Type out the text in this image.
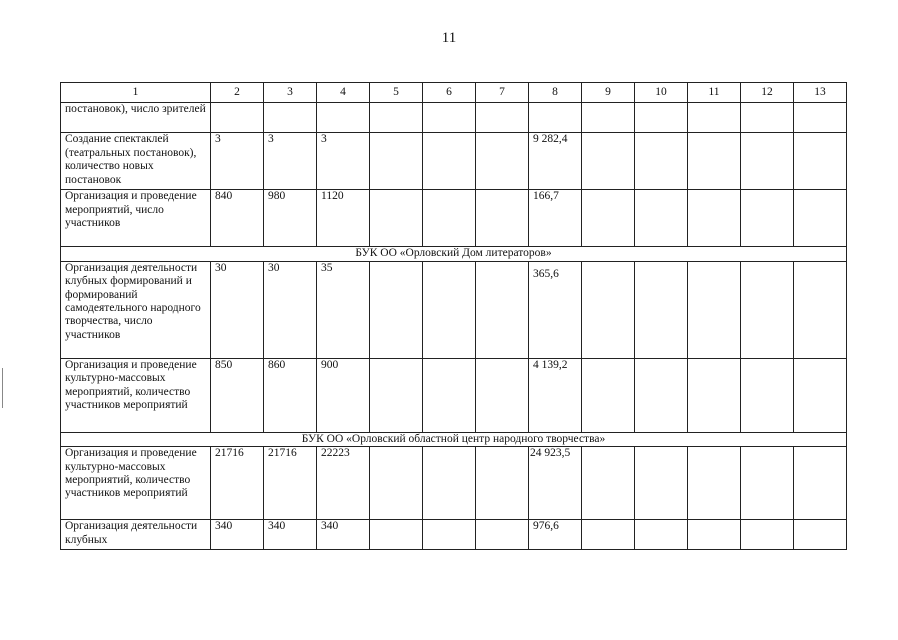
11
1	2	3	4	5	6	7	8	9	10	11	12	13
постановок), число зрителей												
Создание спектаклей (театральных постановок), количество новых постановок	3	3	3				9 282,4					
Организация и проведение мероприятий, число участников	840	980	1120				166,7					
БУК ОО «Орловский Дом литераторов»												
Организация деятельности клубных формирований и формирований самодеятельного народного творчества, число участников	30	30	35				365,6					
Организация и проведение культурно-массовых мероприятий, количество участников мероприятий	850	860	900				4 139,2					
БУК ОО «Орловский областной центр народного творчества»												
Организация и проведение культурно-массовых мероприятий, количество участников мероприятий	21716	21716	22223				24 923,5					
Организация деятельности клубных	340	340	340				976,6					
